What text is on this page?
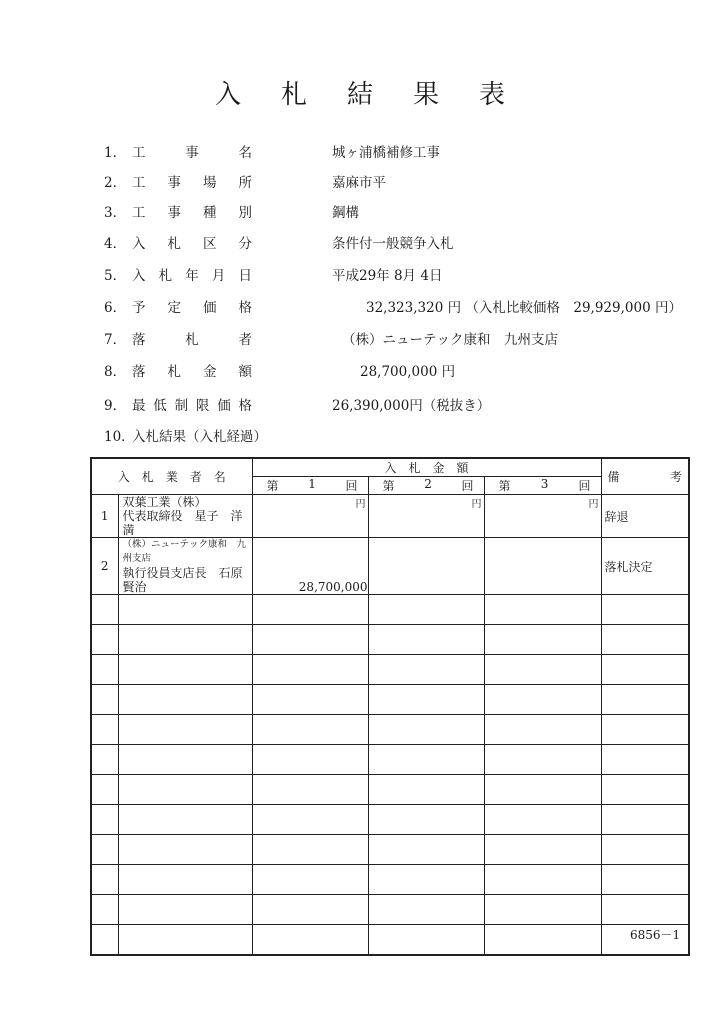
入 札 結 果 表
1． 工	事	名	城ヶ浦橋補修工事
2． 工 事 場 所	嘉麻市平
3． 工 事 種 別	鋼構
4． 入 札 区 分	条件付一般競争入札
5． 入 札 年 月 日	平成29年 8月 4日
6． 予 定 価 格	32,323,320 円 （入札比較価格　29,929,000 円）
7． 落	札	者	（株）ニューテック康和　九州支店
8． 落 札 金 額	28,700,000 円
9． 最 低 制 限 価 格	26,390,000円（税抜き）
10．入札結果（入札経過）
入　札　業　者　名		入　札　金　額			備 考

		第 1 回	第 2 回	第 3 回	

1	双葉工業（株）
代表取締役　星子　洋満	円	円	円	辞退
2	（株）ニューテック康和　九州支店
執行役員支店長　石原　賢治	28,700,000			落札決定

6856－1
